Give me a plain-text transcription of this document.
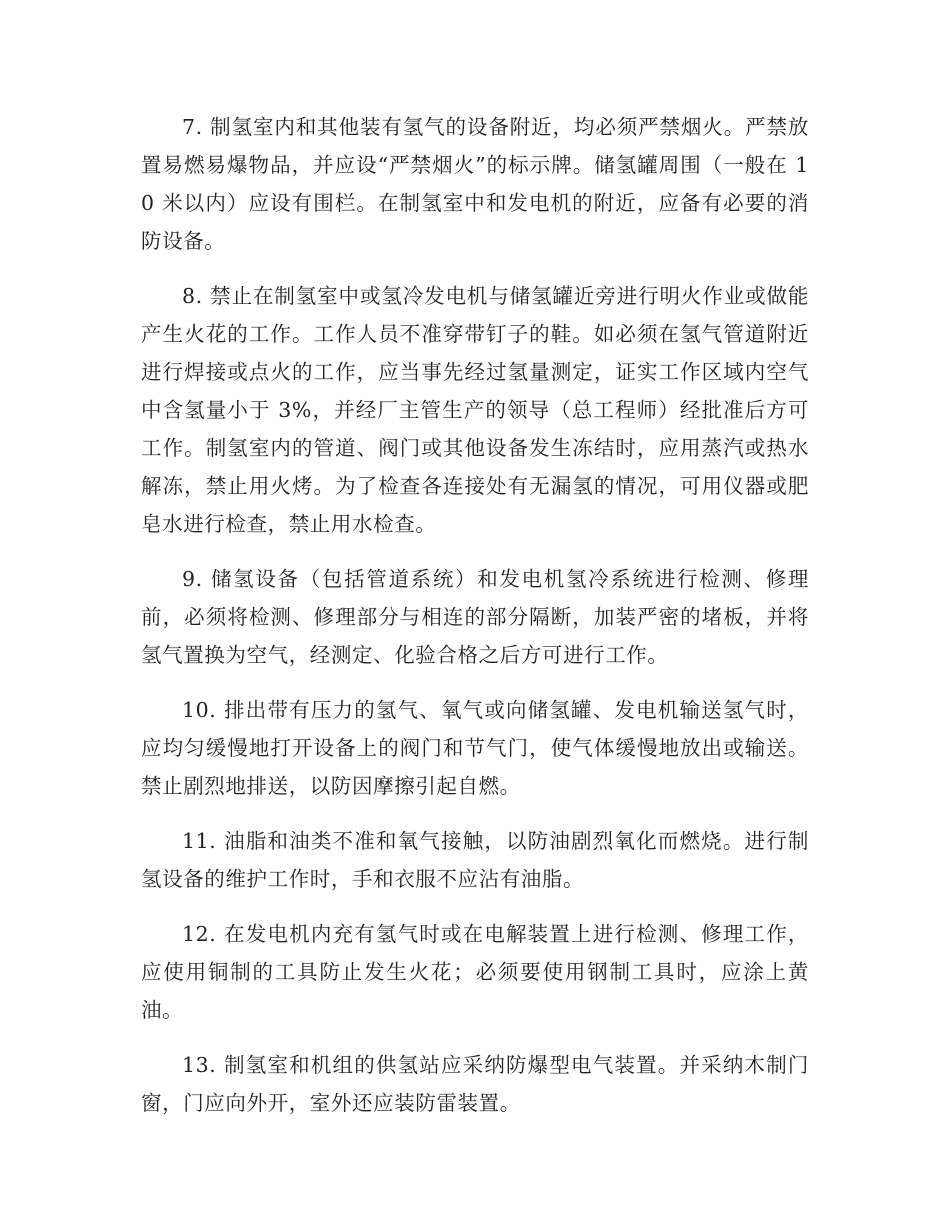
7. 制氢室内和其他装有氢气的设备附近，均必须严禁烟火。严禁放置易燃易爆物品，并应设“严禁烟火”的标示牌。储氢罐周围（一般在 10 米以内）应设有围栏。在制氢室中和发电机的附近，应备有必要的消防设备。

8. 禁止在制氢室中或氢冷发电机与储氢罐近旁进行明火作业或做能产生火花的工作。工作人员不准穿带钉子的鞋。如必须在氢气管道附近进行焊接或点火的工作，应当事先经过氢量测定，证实工作区域内空气中含氢量小于 3%，并经厂主管生产的领导（总工程师）经批准后方可工作。制氢室内的管道、阀门或其他设备发生冻结时，应用蒸汽或热水解冻，禁止用火烤。为了检查各连接处有无漏氢的情况，可用仪器或肥皂水进行检查，禁止用水检查。

9. 储氢设备（包括管道系统）和发电机氢冷系统进行检测、修理前，必须将检测、修理部分与相连的部分隔断，加装严密的堵板，并将氢气置换为空气，经测定、化验合格之后方可进行工作。

10. 排出带有压力的氢气、氧气或向储氢罐、发电机输送氢气时，应均匀缓慢地打开设备上的阀门和节气门，使气体缓慢地放出或输送。禁止剧烈地排送，以防因摩擦引起自燃。

11. 油脂和油类不准和氧气接触，以防油剧烈氧化而燃烧。进行制氢设备的维护工作时，手和衣服不应沾有油脂。

12. 在发电机内充有氢气时或在电解装置上进行检测、修理工作，应使用铜制的工具防止发生火花；必须要使用钢制工具时，应涂上黄油。

13. 制氢室和机组的供氢站应采纳防爆型电气装置。并采纳木制门窗，门应向外开，室外还应装防雷装置。
